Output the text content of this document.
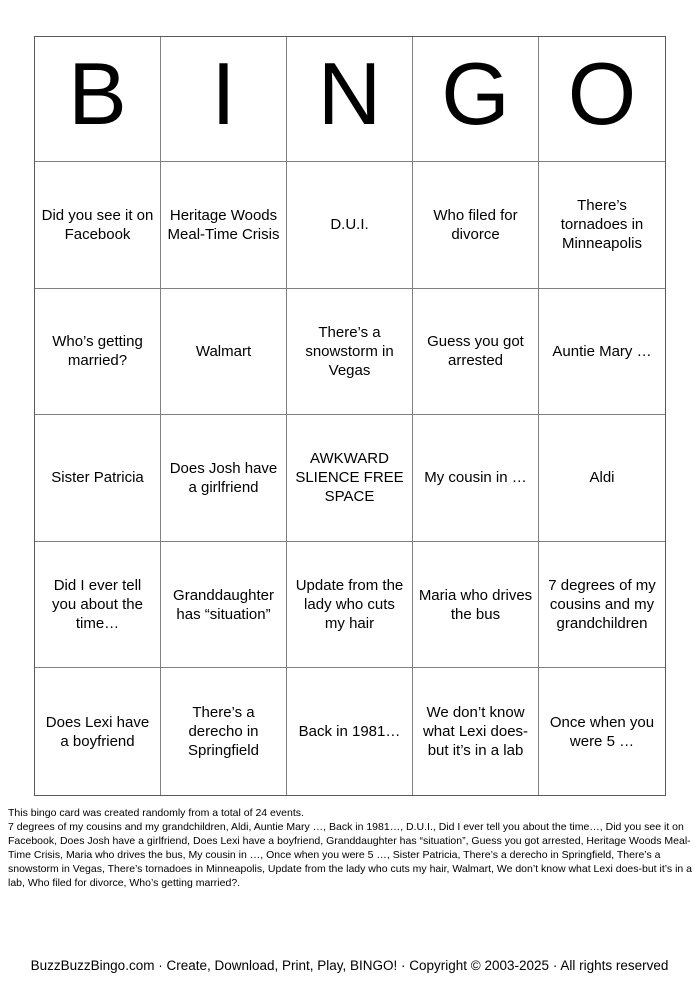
B I N G O
Did you see it on Facebook
Heritage Woods Meal-Time Crisis
D.U.I.
Who filed for divorce
There’s tornadoes in Minneapolis
Who’s getting married?
Walmart
There’s a snowstorm in Vegas
Guess you got arrested
Auntie Mary …
Sister Patricia
Does Josh have a girlfriend
AWKWARD SLIENCE FREE SPACE
My cousin in …	Aldi
Did I ever tell you about the time…
Granddaughter has “situation”
Update from the lady who cuts my hair
Maria who drives the bus
7 degrees of my cousins and my grandchildren
Does Lexi have a boyfriend
There’s a derecho in Springfield
Back in 1981…
We don’t know what Lexi does-but it’s in a lab
Once when you were 5 …
This bingo card was created randomly from a total of 24 events.
7 degrees of my cousins and my grandchildren, Aldi, Auntie Mary …, Back in 1981…, D.U.I., Did I ever tell you about the time…, Did you see it on Facebook, Does Josh have a girlfriend, Does Lexi have a boyfriend, Granddaughter has “situation”, Guess you got arrested, Heritage Woods Meal-Time Crisis, Maria who drives the bus, My cousin in …, Once when you were 5 …, Sister Patricia, There’s a derecho in Springfield, There’s a snowstorm in Vegas, There’s tornadoes in Minneapolis, Update from the lady who cuts my hair, Walmart, We don’t know what Lexi does-but it’s in a lab, Who filed for divorce, Who’s getting married?.
BuzzBuzzBingo.com · Create, Download, Print, Play, BINGO! · Copyright © 2003-2025 · All rights reserved
